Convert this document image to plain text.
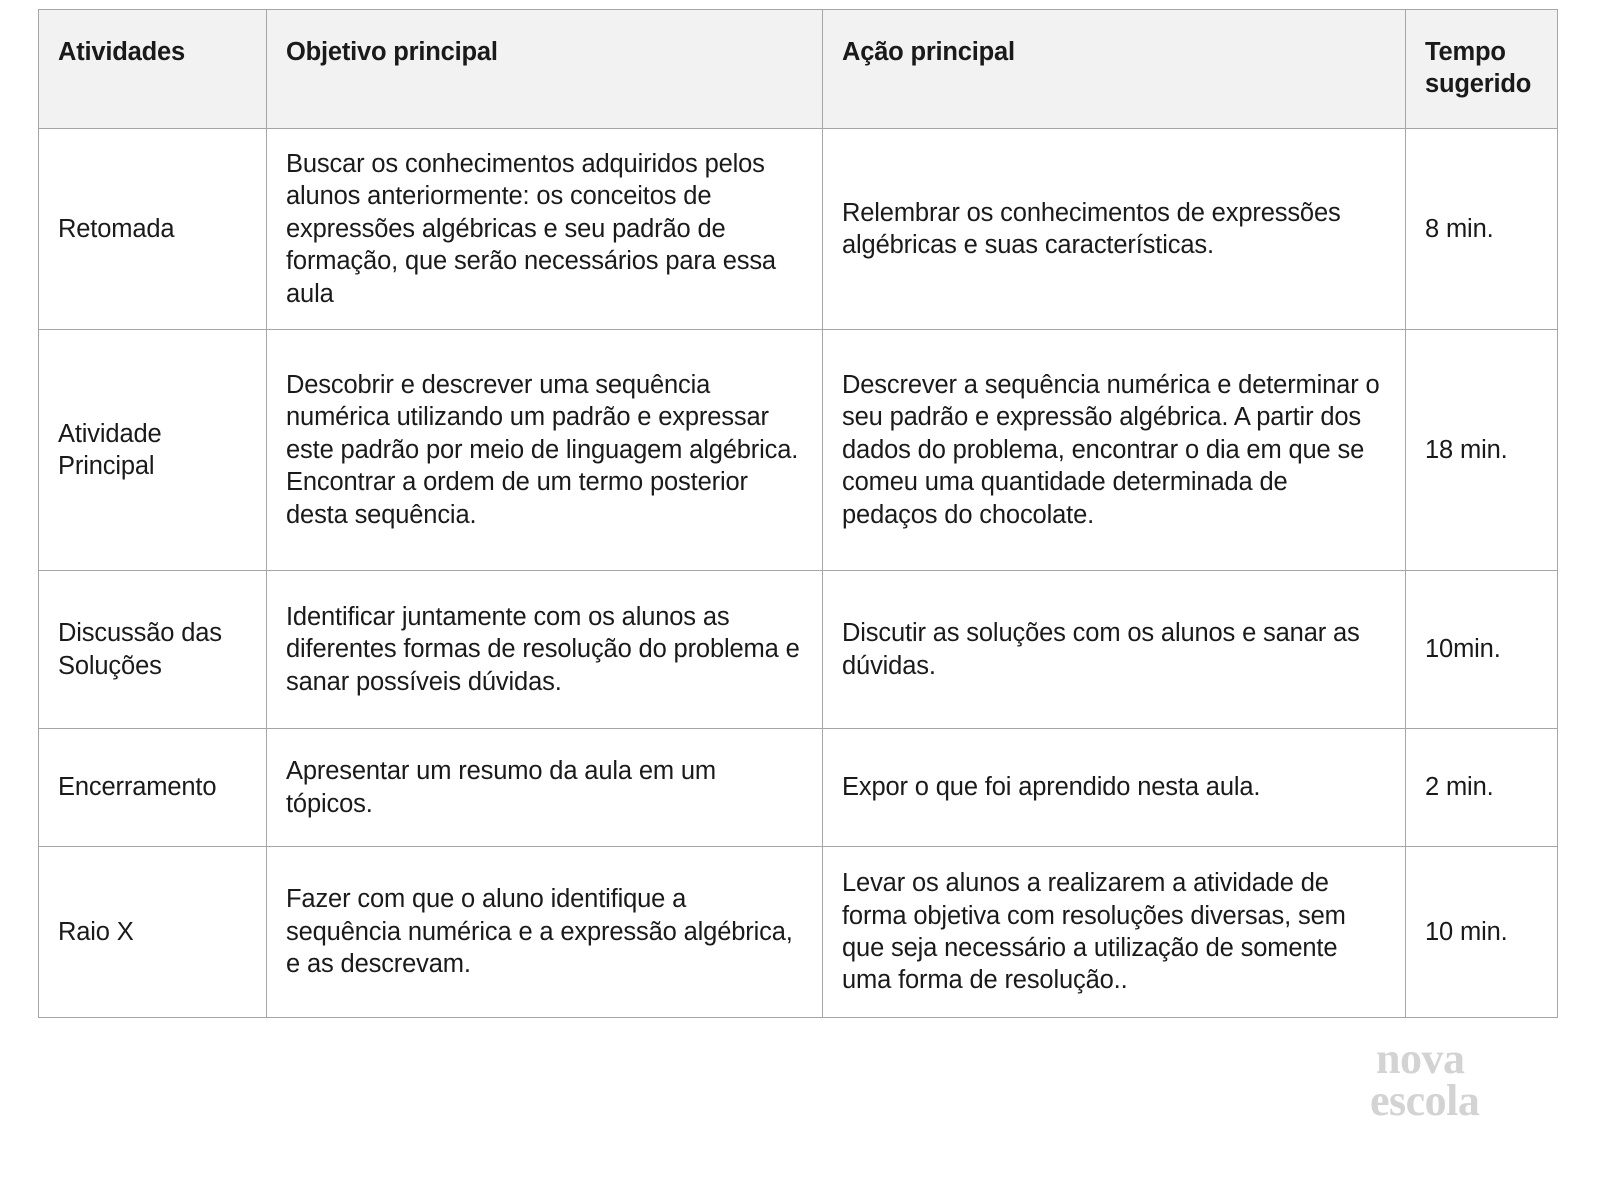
Atividades	Objetivo principal	Ação principal	Tempo sugerido
Retomada	Buscar os conhecimentos adquiridos pelos alunos anteriormente: os conceitos de expressões algébricas e seu padrão de formação, que serão necessários para essa aula	Relembrar os conhecimentos de expressões algébricas e suas características.	8 min.
Atividade Principal	Descobrir e descrever uma sequência numérica utilizando um padrão e expressar este padrão por meio de linguagem algébrica. Encontrar a ordem de um termo posterior desta sequência.	Descrever a sequência numérica e determinar o seu padrão e expressão algébrica. A partir dos dados do problema, encontrar o dia em que se comeu uma quantidade determinada de pedaços do chocolate.	18 min.
Discussão das Soluções	Identificar juntamente com os alunos as diferentes formas de resolução do problema e sanar possíveis dúvidas.	Discutir as soluções com os alunos e sanar as dúvidas.	10min.
Encerramento	Apresentar um resumo da aula em um tópicos.	Expor o que foi aprendido nesta aula.	2 min.
Raio X	Fazer com que o aluno identifique a sequência numérica e a expressão algébrica, e as descrevam.	Levar os alunos a realizarem a atividade de forma objetiva com resoluções diversas, sem que seja necessário a utilização de somente uma forma de resolução..	10 min.
nova
escola
